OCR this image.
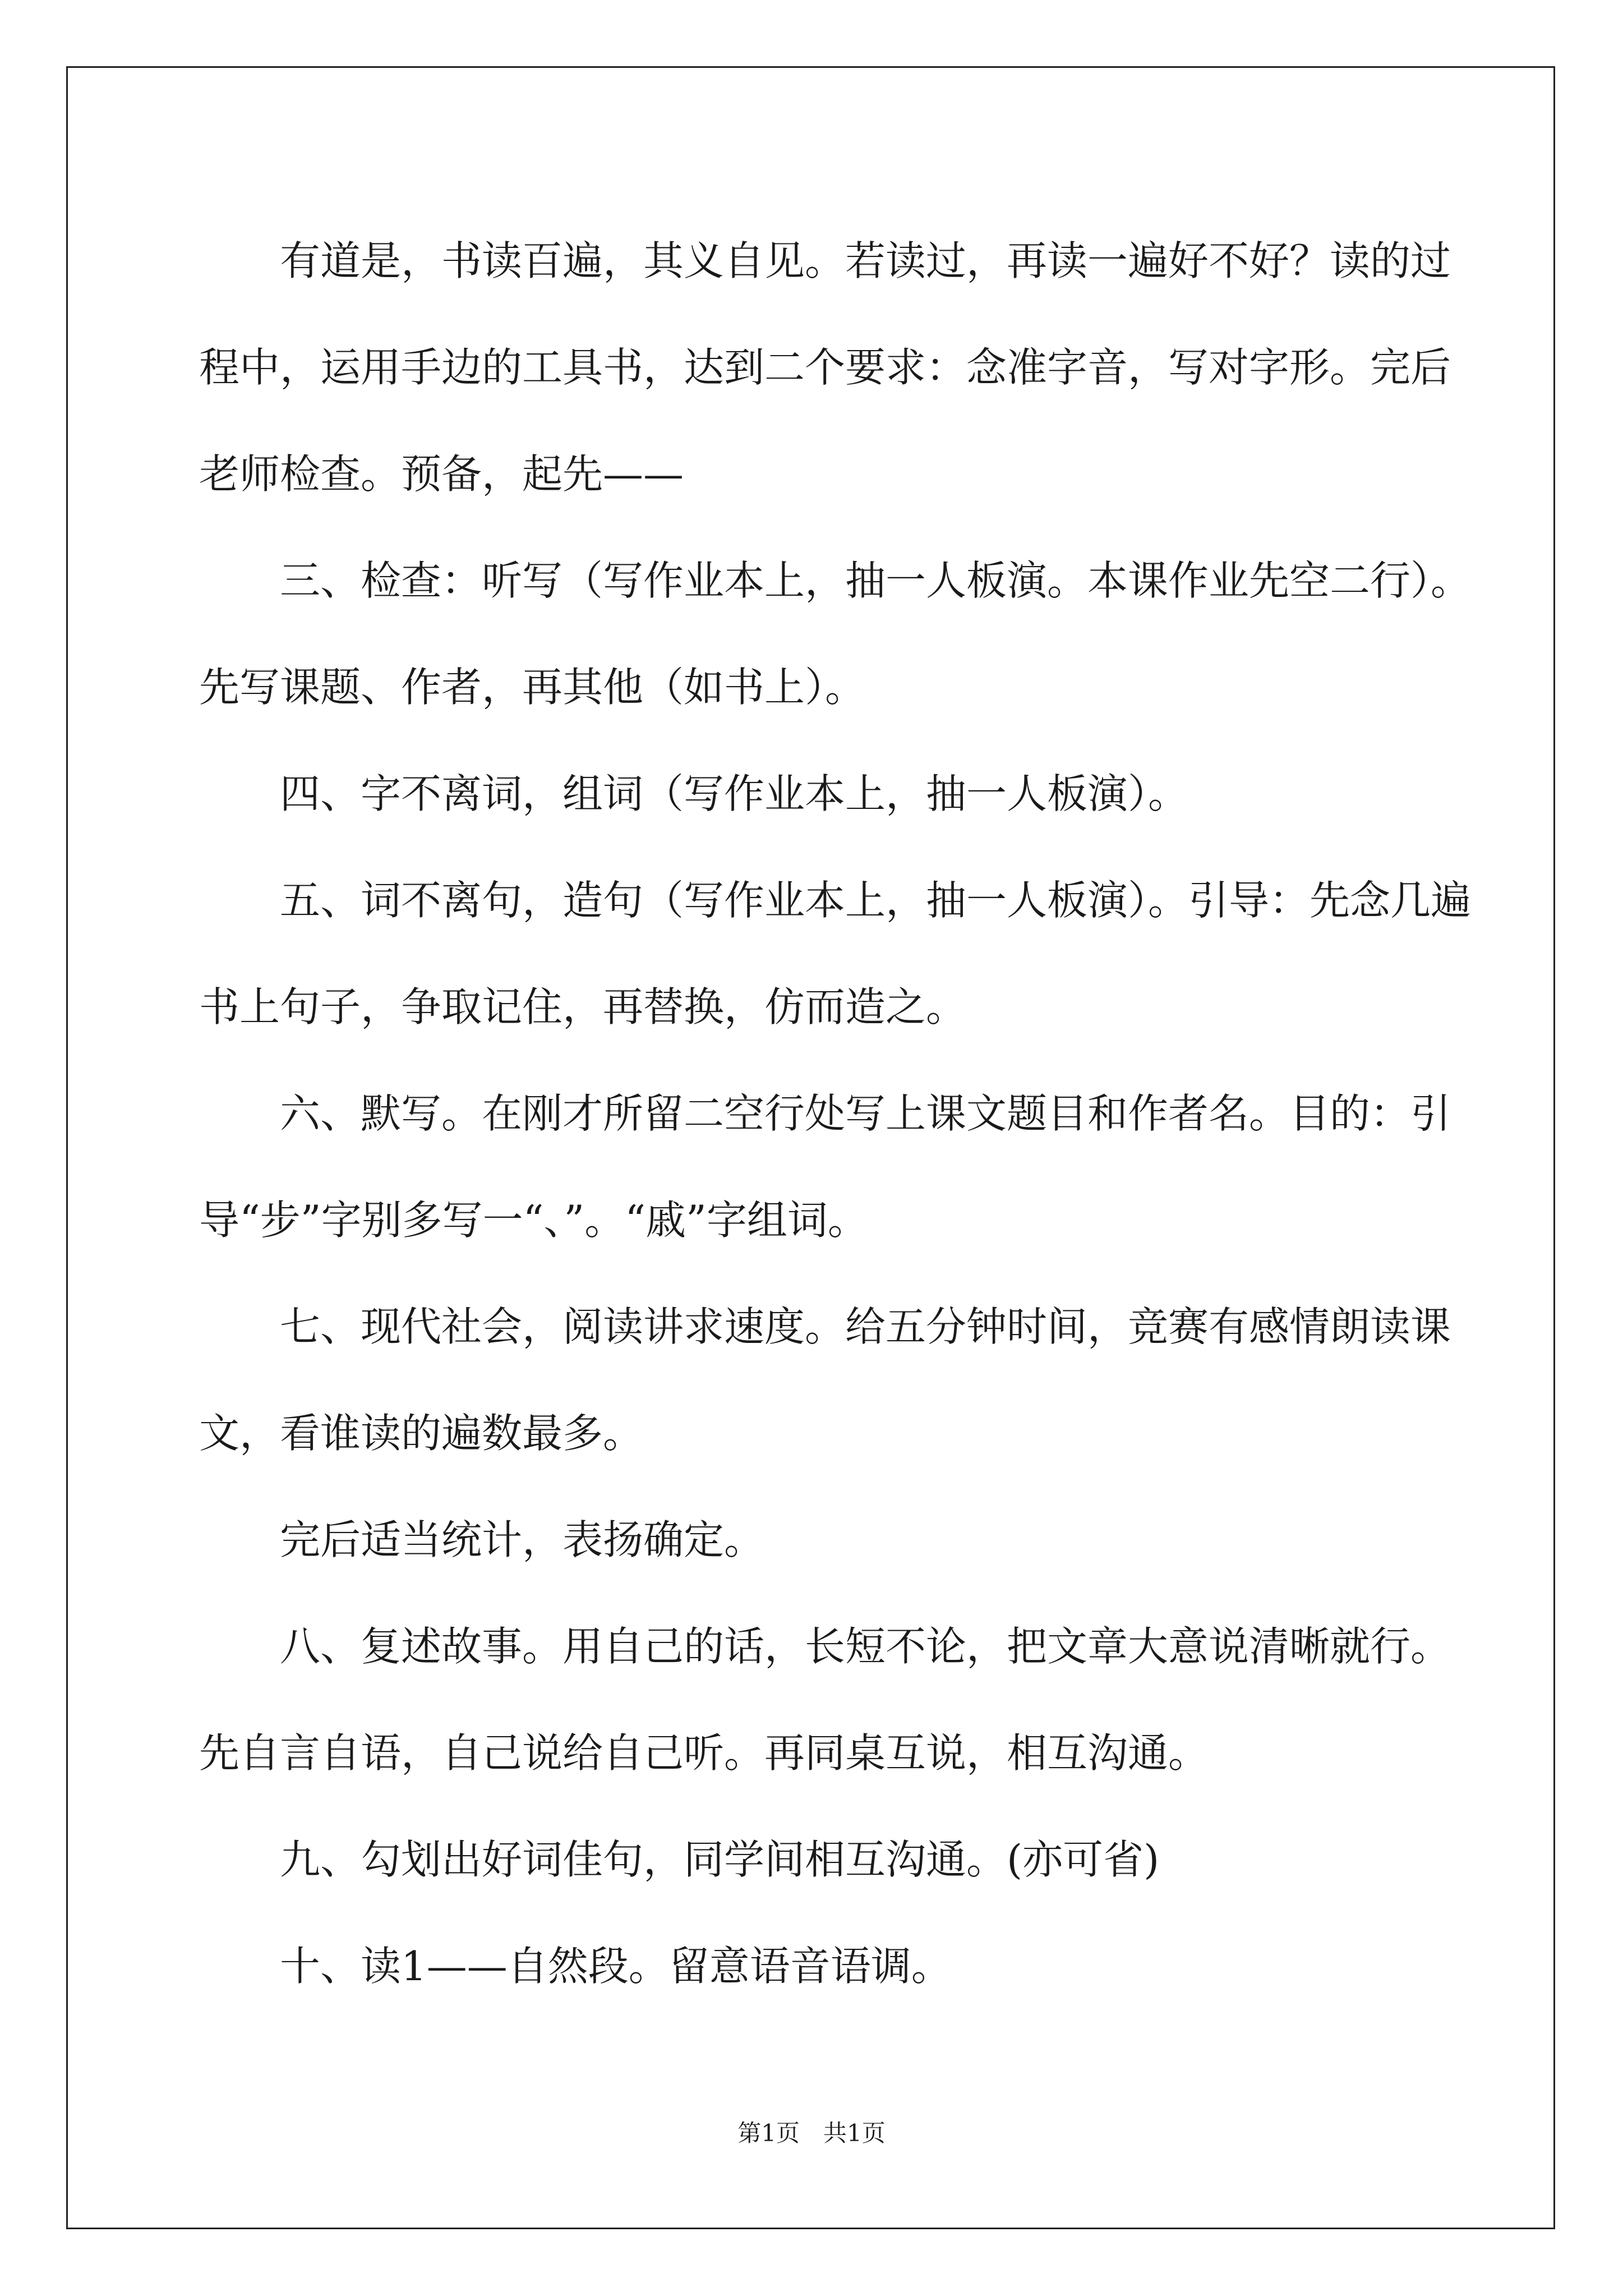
　　有道是，书读百遍，其义自见。若读过，再读一遍好不好？读的过程中，运用手边的工具书，达到二个要求：念准字音，写对字形。完后老师检查。预备，起先——
　　三、检查：听写（写作业本上，抽一人板演。本课作业先空二行）。先写课题、作者，再其他（如书上）。
　　四、字不离词，组词（写作业本上，抽一人板演）。
　　五、词不离句，造句（写作业本上，抽一人板演）。引导：先念几遍书上句子，争取记住，再替换，仿而造之。
　　六、默写。在刚才所留二空行处写上课文题目和作者名。目的：引导“步”字别多写一“、”。“戚”字组词。
　　七、现代社会，阅读讲求速度。给五分钟时间，竞赛有感情朗读课文，看谁读的遍数最多。
　　完后适当统计，表扬确定。
　　八、复述故事。用自己的话，长短不论，把文章大意说清晰就行。先自言自语，自己说给自己听。再同桌互说，相互沟通。
　　九、勾划出好词佳句，同学间相互沟通。(亦可省)
　　十、读1——自然段。留意语音语调。
第1页　共1页
